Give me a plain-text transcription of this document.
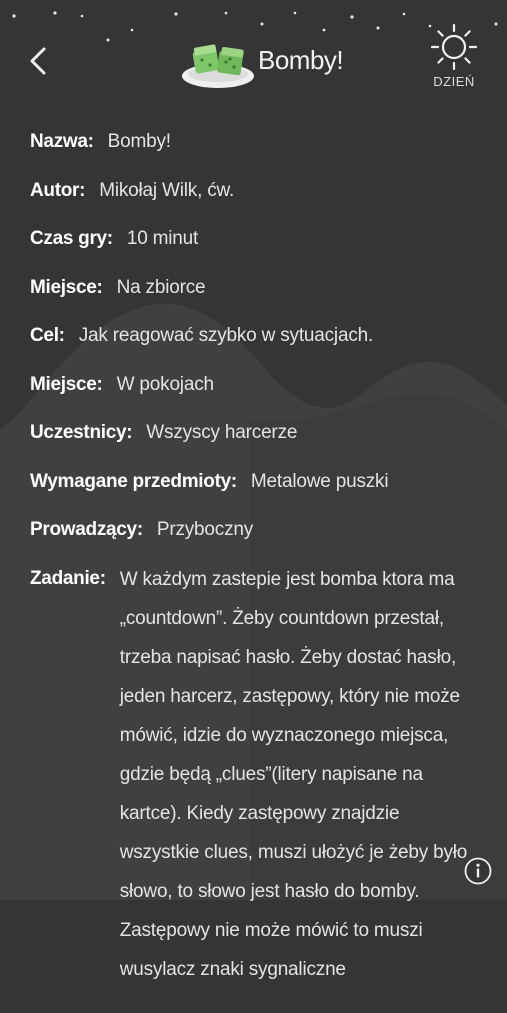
Bomby!
DZIEŃ
Nazwa: Bomby!
Autor: Mikołaj Wilk, ćw.
Czas gry: 10 minut
Miejsce: Na zbiorce
Cel: Jak reagować szybko w sytuacjach.
Miejsce: W pokojach
Uczestnicy: Wszyscy harcerze
Wymagane przedmioty: Metalowe puszki
Prowadzący: Przyboczny
Zadanie: W każdym zastepie jest bomba ktora ma „countdown”. Żeby countdown przestał, trzeba napisać hasło. Żeby dostać hasło, jeden harcerz, zastępowy, który nie może mówić, idzie do wyznaczonego miejsca, gdzie będą „clues”(litery napisane na kartce). Kiedy zastępowy znajdzie wszystkie clues, muszi ułożyć je żeby było słowo, to słowo jest hasło do bomby. Zastępowy nie może mówić to muszi wusylacz znaki sygnaliczne
